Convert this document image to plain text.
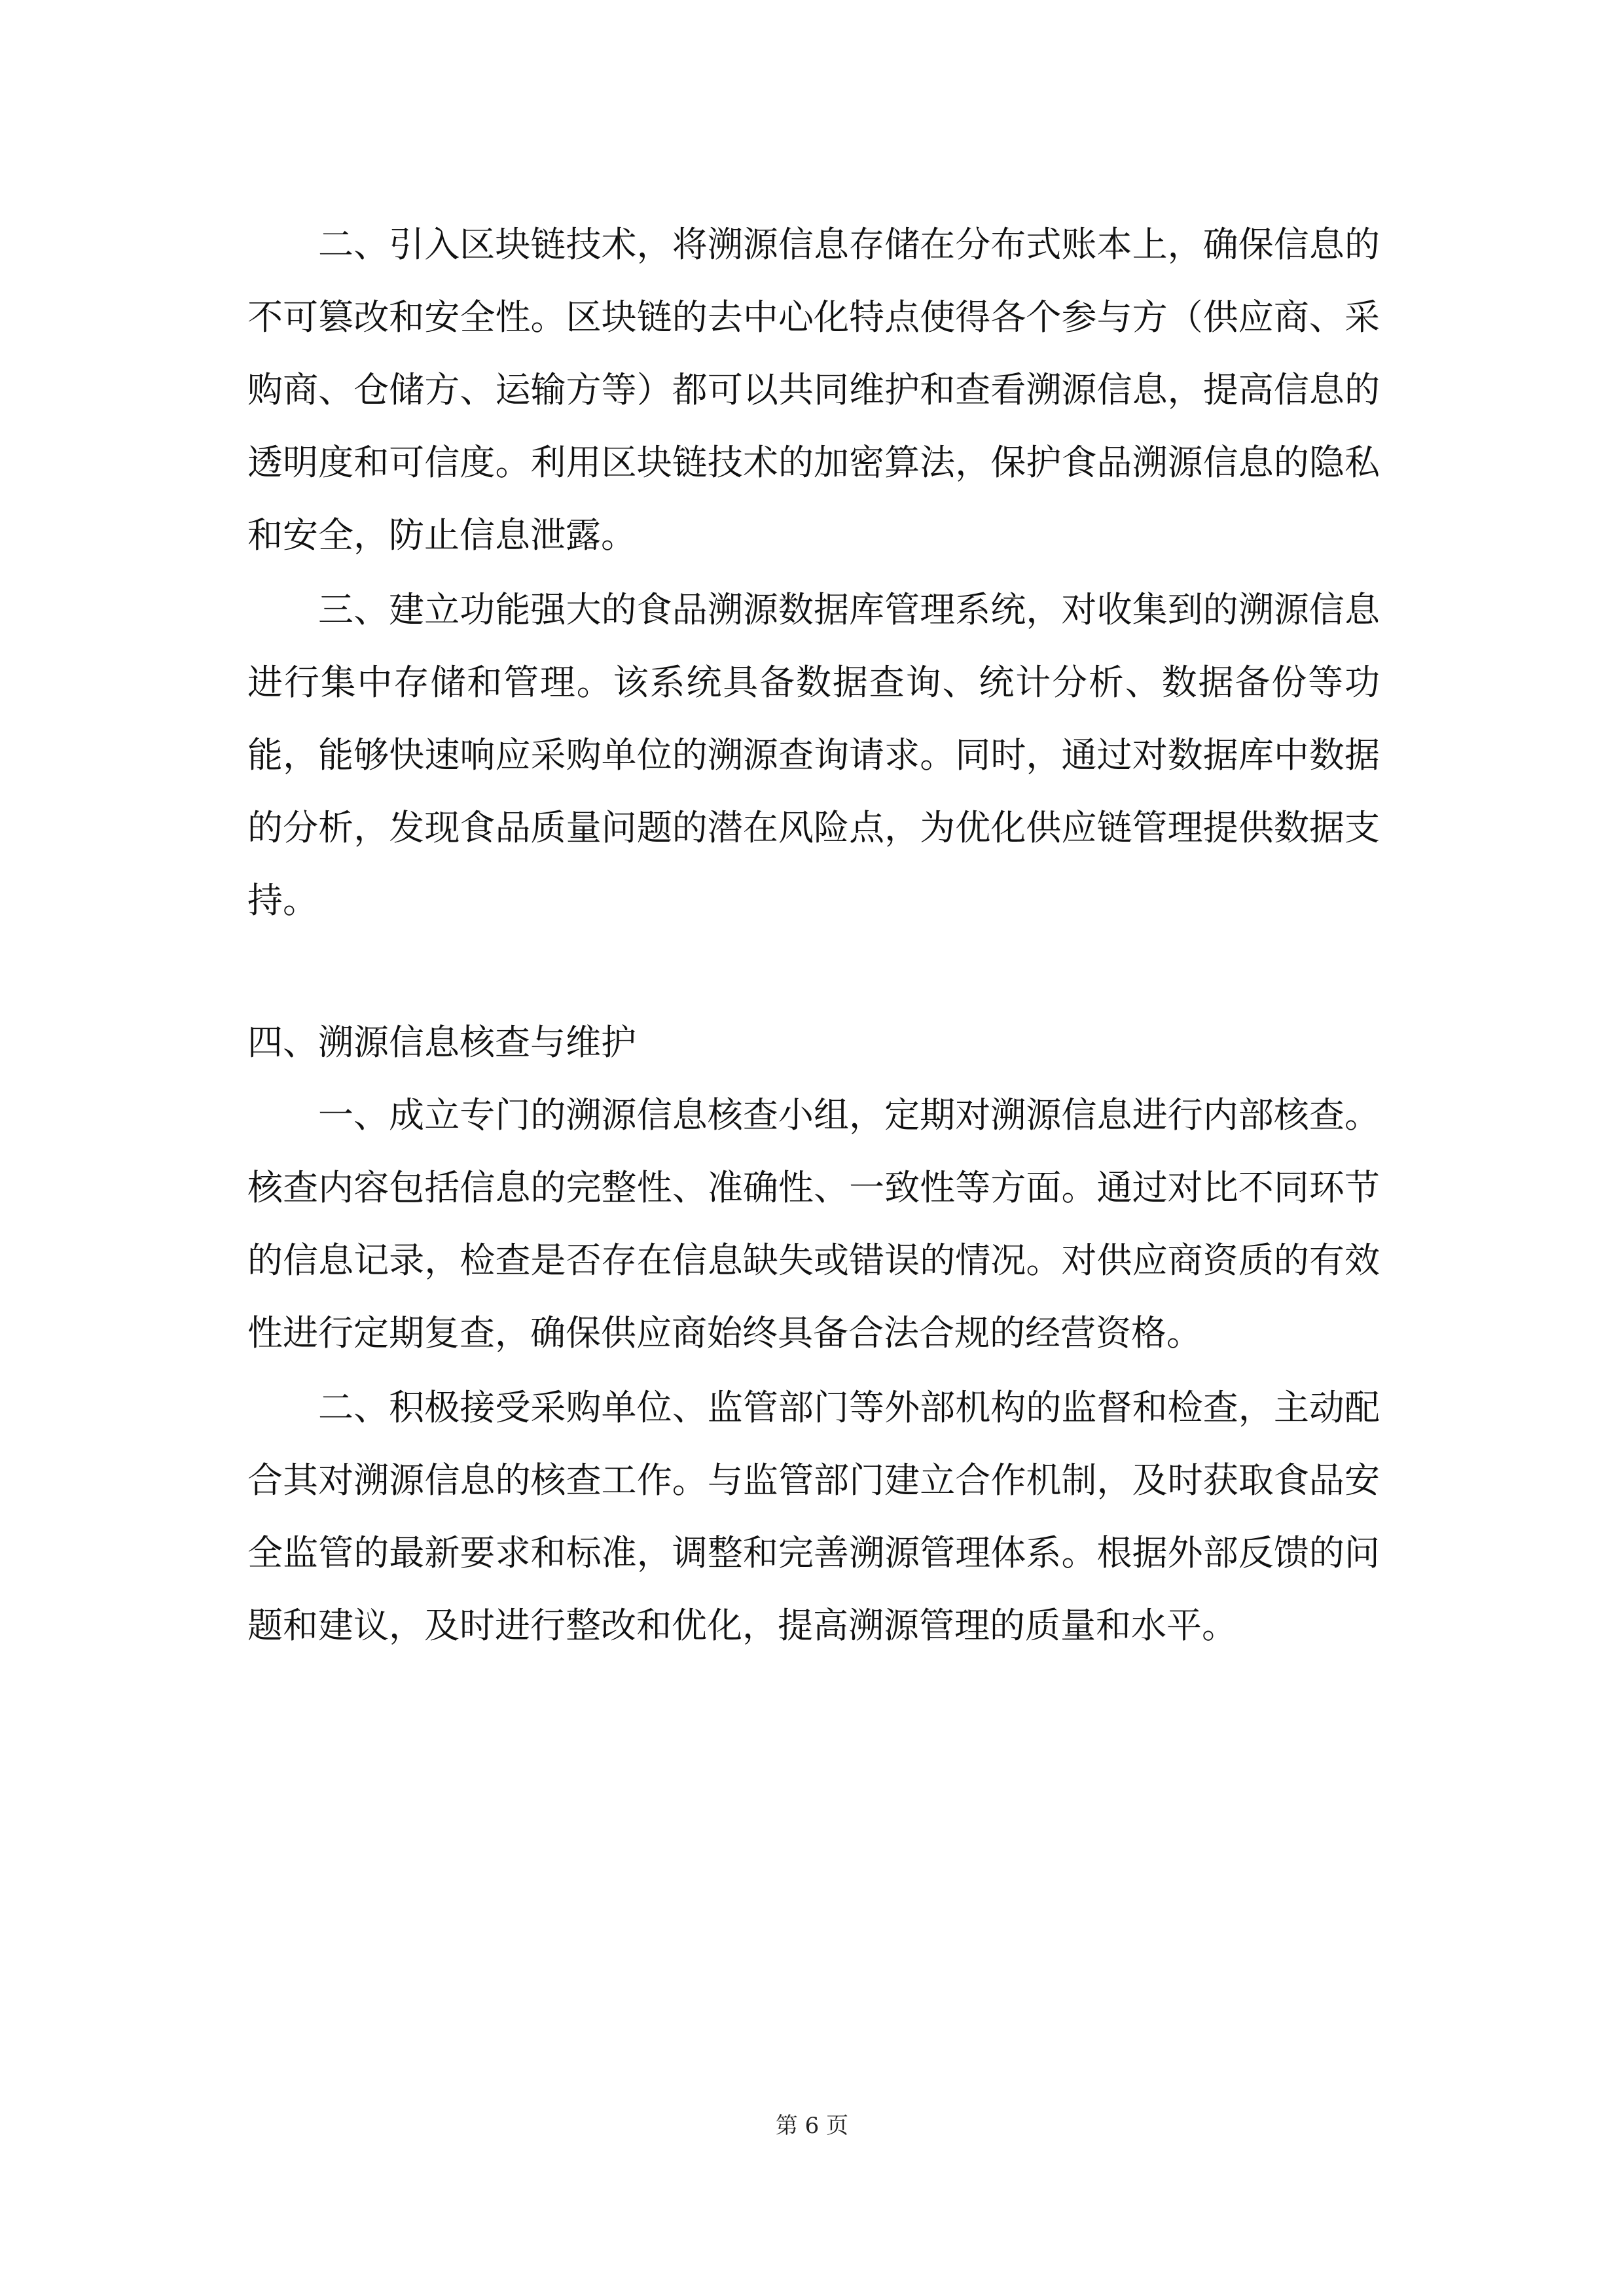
二、引入区块链技术，将溯源信息存储在分布式账本上，确保信息的不可篡改和安全性。区块链的去中心化特点使得各个参与方（供应商、采购商、仓储方、运输方等）都可以共同维护和查看溯源信息，提高信息的透明度和可信度。利用区块链技术的加密算法，保护食品溯源信息的隐私和安全，防止信息泄露。

三、建立功能强大的食品溯源数据库管理系统，对收集到的溯源信息进行集中存储和管理。该系统具备数据查询、统计分析、数据备份等功能，能够快速响应采购单位的溯源查询请求。同时，通过对数据库中数据的分析，发现食品质量问题的潜在风险点，为优化供应链管理提供数据支持。

四、溯源信息核查与维护

一、成立专门的溯源信息核查小组，定期对溯源信息进行内部核查。核查内容包括信息的完整性、准确性、一致性等方面。通过对比不同环节的信息记录，检查是否存在信息缺失或错误的情况。对供应商资质的有效性进行定期复查，确保供应商始终具备合法合规的经营资格。

二、积极接受采购单位、监管部门等外部机构的监督和检查，主动配合其对溯源信息的核查工作。与监管部门建立合作机制，及时获取食品安全监管的最新要求和标准，调整和完善溯源管理体系。根据外部反馈的问题和建议，及时进行整改和优化，提高溯源管理的质量和水平。

第 6 页
